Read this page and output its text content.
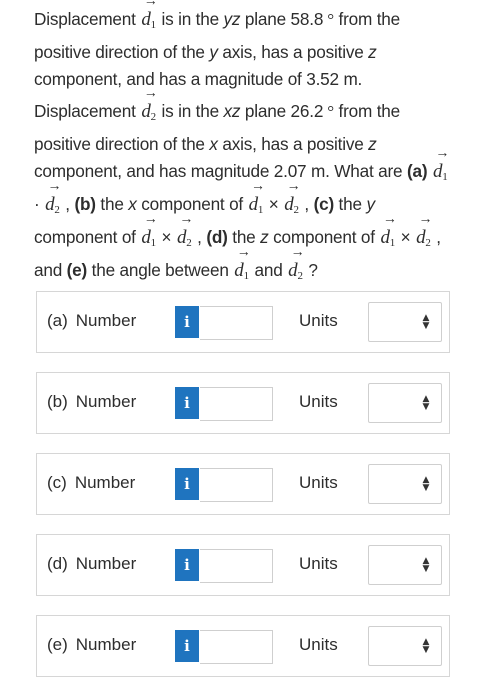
Displacement
→
$d_1$ is in the yz plane 58.8 ° from the positive direction of the y axis, has a positive z component, and has a magnitude of 3.52 m.

Displacement
→
$d_2$ is in the xz plane 26.2 ° from the positive direction of the x axis, has a positive z component, and has magnitude 2.07 m. What are (a)
→
$d_1$ ·
→
$d_2$ , (b) the x component of
→
$d_1$ ×
→
$d_2$ , (c) the y component of
→
$d_1$ ×
→
$d_2$ , (d) the z component of
→
$d_1$ ×
→
$d_2$ , and (e) the angle between
→
$d_1$ and
→
$d_2$ ?

(a) Number	i	Units	▲
▼
(b) Number	i	Units	▲
▼
(c) Number	i	Units	▲
▼
(d) Number	i	Units	▲
▼
(e) Number	i	Units	▲
▼
